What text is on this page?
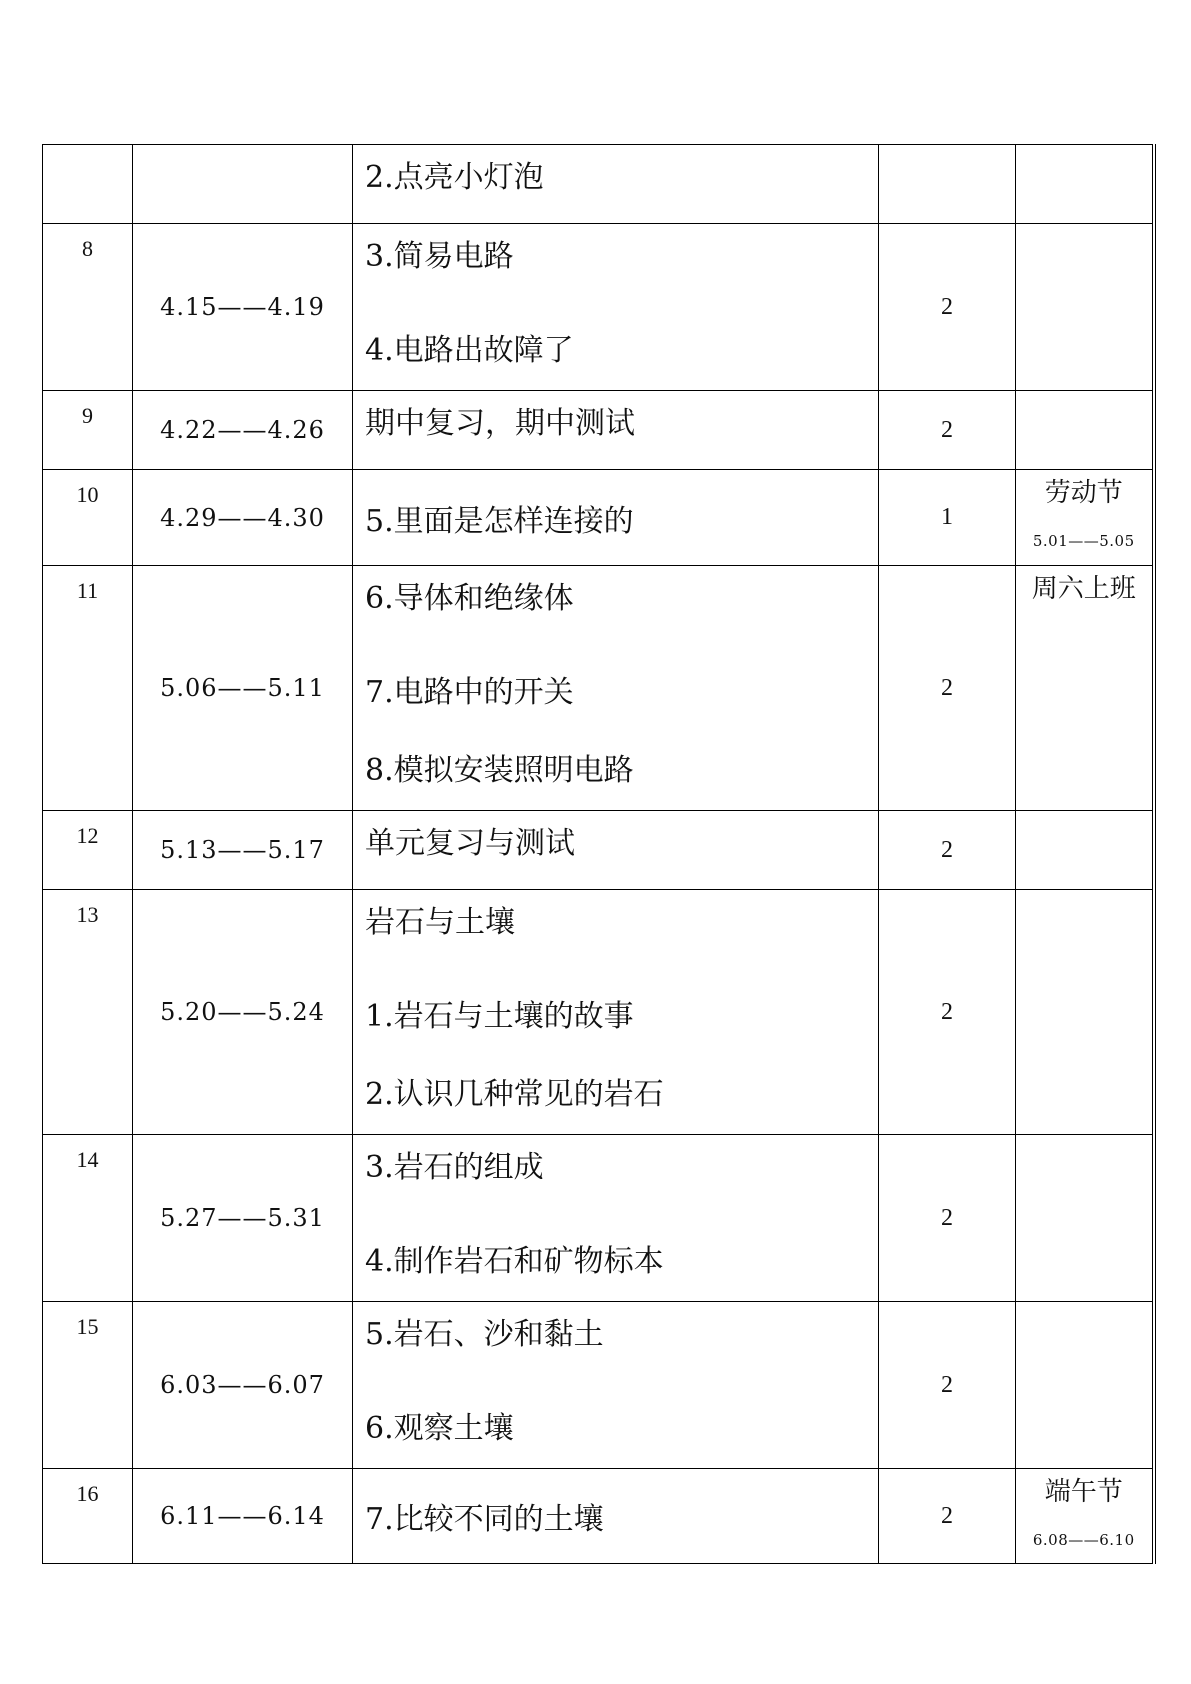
		2.点亮小灯泡		

8	4.15——4.19	3.简易电路
4.电路出故障了	2	

9	4.22——4.26	期中复习，期中测试	2	

10	4.29——4.30	5.里面是怎样连接的	1	劳动节
5.01——5.05

11	5.06——5.11	6.导体和绝缘体
7.电路中的开关
8.模拟安装照明电路	2	周六上班

12	5.13——5.17	单元复习与测试	2	

13	5.20——5.24	岩石与土壤
1.岩石与土壤的故事
2.认识几种常见的岩石	2	

14	5.27——5.31	3.岩石的组成
4.制作岩石和矿物标本	2	

15	6.03——6.07	5.岩石、沙和黏土
6.观察土壤	2	

16	6.11——6.14	7.比较不同的土壤	2	端午节
6.08——6.10
